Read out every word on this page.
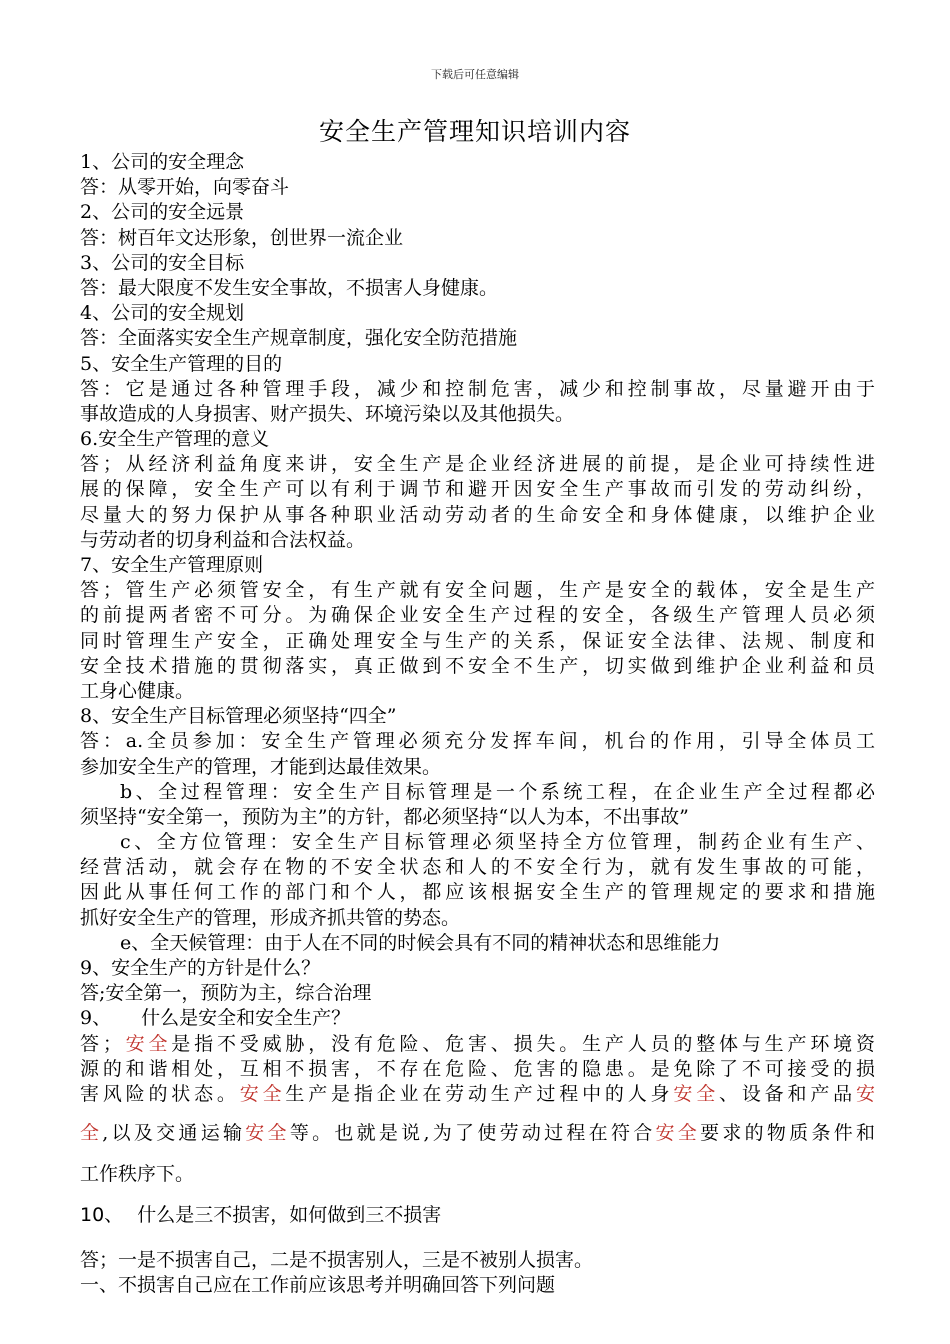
下载后可任意编辑
安全生产管理知识培训内容
1、公司的安全理念
答：从零开始，向零奋斗
2、公司的安全远景
答：树百年文达形象，创世界一流企业
3、公司的安全目标
答：最大限度不发生安全事故，不损害人身健康。
4、公司的安全规划
答：全面落实安全生产规章制度，强化安全防范措施
5、安全生产管理的目的
答：它是通过各种管理手段，减少和控制危害，减少和控制事故，尽量避开由于
事故造成的人身损害、财产损失、环境污染以及其他损失。
6.安全生产管理的意义
答；从经济利益角度来讲，安全生产是企业经济进展的前提，是企业可持续性进
展的保障，安全生产可以有利于调节和避开因安全生产事故而引发的劳动纠纷，
尽量大的努力保护从事各种职业活动劳动者的生命安全和身体健康，以维护企业
与劳动者的切身利益和合法权益。
7、安全生产管理原则
答；管生产必须管安全，有生产就有安全问题，生产是安全的载体，安全是生产
的前提两者密不可分。为确保企业安全生产过程的安全，各级生产管理人员必须
同时管理生产安全，正确处理安全与生产的关系，保证安全法律、法规、制度和
安全技术措施的贯彻落实，真正做到不安全不生产，切实做到维护企业利益和员
工身心健康。
8、安全生产目标管理必须坚持“四全”
答：a.全员参加：安全生产管理必须充分发挥车间，机台的作用，引导全体员工
参加安全生产的管理，才能到达最佳效果。
b、全过程管理：安全生产目标管理是一个系统工程，在企业生产全过程都必
须坚持“安全第一，预防为主”的方针，都必须坚持“以人为本，不出事故”
c、全方位管理：安全生产目标管理必须坚持全方位管理，制药企业有生产、
经营活动，就会存在物的不安全状态和人的不安全行为，就有发生事故的可能，
因此从事任何工作的部门和个人，都应该根据安全生产的管理规定的要求和措施
抓好安全生产的管理，形成齐抓共管的势态。
e、全天候管理：由于人在不同的时候会具有不同的精神状态和思维能力
9、安全生产的方针是什么？
答;安全第一，预防为主，综合治理
9、 什么是安全和安全生产？
答；安全是指不受威胁，没有危险、危害、损失。生产人员的整体与生产环境资
源的和谐相处，互相不损害，不存在危险、危害的隐患。是免除了不可接受的损
害风险的状态。安全生产是指企业在劳动生产过程中的人身安全、设备和产品安
全,以及交通运输安全等。也就是说,为了使劳动过程在符合安全要求的物质条件和
工作秩序下。
10、 什么是三不损害，如何做到三不损害
答；一是不损害自己，二是不损害别人，三是不被别人损害。
一、不损害自己应在工作前应该思考并明确回答下列问题
